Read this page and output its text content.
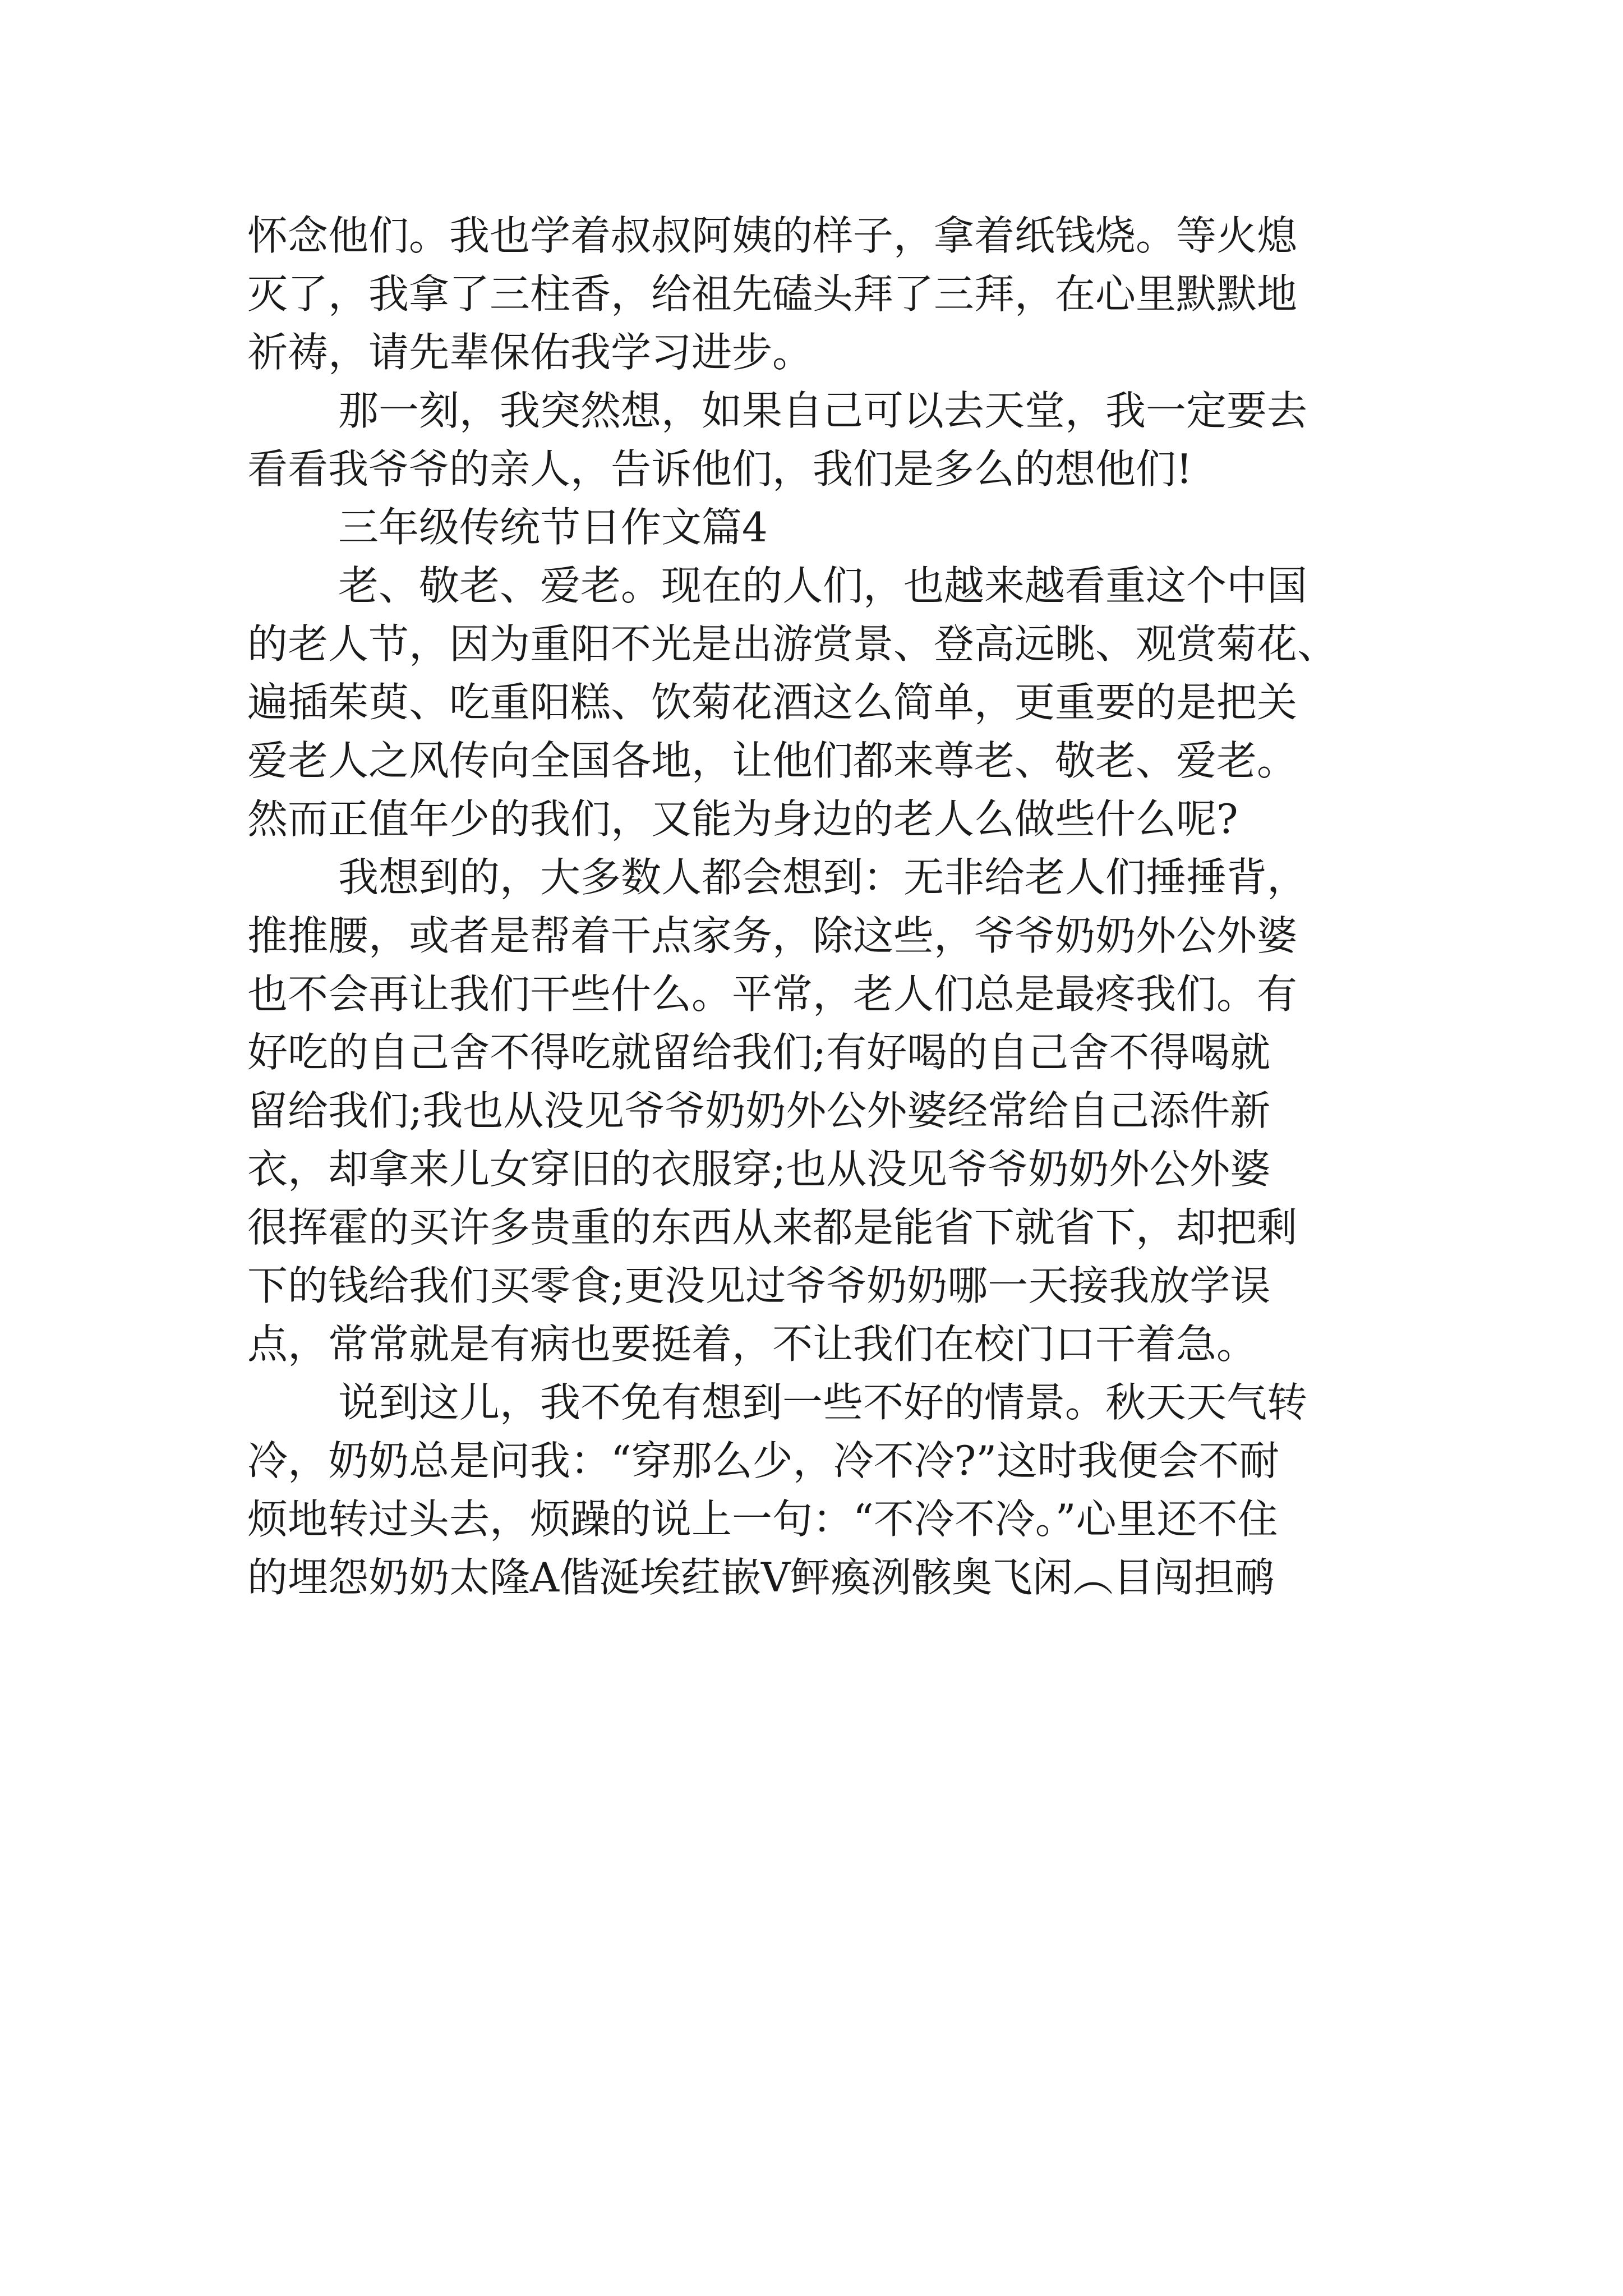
怀念他们。我也学着叔叔阿姨的样子，拿着纸钱烧。等火熄
灭了，我拿了三柱香，给祖先磕头拜了三拜，在心里默默地
祈祷，请先辈保佑我学习进步。
那一刻，我突然想，如果自己可以去天堂，我一定要去
看看我爷爷的亲人，告诉他们，我们是多么的想他们!
三年级传统节日作文篇4
老、敬老、爱老。现在的人们，也越来越看重这个中国
的老人节，因为重阳不光是出游赏景、登高远眺、观赏菊花、
遍插茱萸、吃重阳糕、饮菊花酒这么简单，更重要的是把关
爱老人之风传向全国各地，让他们都来尊老、敬老、爱老。
然而正值年少的我们，又能为身边的老人么做些什么呢?
我想到的，大多数人都会想到：无非给老人们捶捶背，
推推腰，或者是帮着干点家务，除这些，爷爷奶奶外公外婆
也不会再让我们干些什么。平常，老人们总是最疼我们。有
好吃的自己舍不得吃就留给我们;有好喝的自己舍不得喝就
留给我们;我也从没见爷爷奶奶外公外婆经常给自己添件新
衣，却拿来儿女穿旧的衣服穿;也从没见爷爷奶奶外公外婆
很挥霍的买许多贵重的东西从来都是能省下就省下，却把剩
下的钱给我们买零食;更没见过爷爷奶奶哪一天接我放学误
点，常常就是有病也要挺着，不让我们在校门口干着急。
说到这儿，我不免有想到一些不好的情景。秋天天气转
冷，奶奶总是问我：“穿那么少，冷不冷?”这时我便会不耐
烦地转过头去，烦躁的说上一句：“不冷不冷。”心里还不住
的埋怨奶奶太隆A偕涎埃荭嵌V鲆瘓洌骸奥飞闲︵目闯担鸸
